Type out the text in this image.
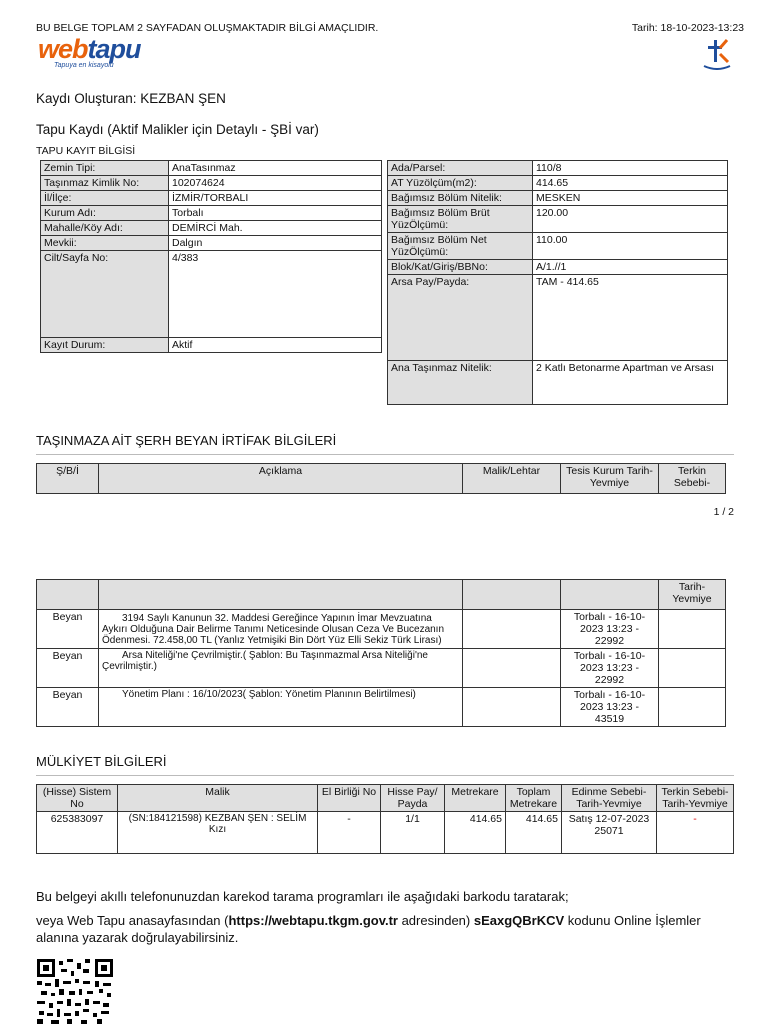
BU BELGE TOPLAM 2 SAYFADAN OLUŞMAKTADIR BİLGİ AMAÇLIDIR.	Tarih: 18-10-2023-13:23
webtapu
Tapuya en kisayolu
Kaydı Oluşturan: KEZBAN ŞEN
Tapu Kaydı (Aktif Malikler için Detaylı - ŞBİ var)
TAPU KAYIT BİLGİSİ
Zemin Tipi:	AnaTasınmaz
Taşınmaz Kimlik No:	102074624
İl/İlçe:	İZMİR/TORBALI
Kurum Adı:	Torbalı
Mahalle/Köy Adı:	DEMİRCİ Mah.
Mevkii:	Dalgın
Cilt/Sayfa No:	4/383
Kayıt Durum:	Aktif
Ada/Parsel:	110/8
AT Yüzölçüm(m2):	414.65
Bağımsız Bölüm Nitelik:	MESKEN
Bağımsız Bölüm Brüt YüzÖlçümü:	120.00
Bağımsız Bölüm Net YüzÖlçümü:	110.00
Blok/Kat/Giriş/BBNo:	A/1.//1
Arsa Pay/Payda:	TAM - 414.65
Ana Taşınmaz Nitelik:	2 Katlı Betonarme Apartman ve Arsası
TAŞINMAZA AİT ŞERH BEYAN İRTİFAK BİLGİLERİ
Ş/B/İ	Açıklama	Malik/Lehtar	Tesis Kurum Tarih-Yevmiye	Terkin Sebebi-
1 / 2
				Tarih-Yevmiye
Beyan	3194 Saylı Kanunun 32. Maddesi Gereğince Yapının İmar Mevzuatına Aykırı Olduğuna Dair Belirme Tanımı Neticesinde Olusan Ceza Ve Bucezanın Ödenmesi. 72.458,00 TL (Yanlız Yetmişiki Bin Dört Yüz Elli Sekiz Türk Lirası)		Torbalı - 16-10-2023 13:23 - 22992	
Beyan	Arsa Niteliği'ne Çevrilmiştir.( Şablon: Bu Taşınmazmal Arsa Niteliği'ne Çevrilmiştir.)		Torbalı - 16-10-2023 13:23 - 22992	
Beyan	Yönetim Planı : 16/10/2023( Şablon: Yönetim Planının Belirtilmesi)		Torbalı - 16-10-2023 13:23 - 43519	
MÜLKİYET BİLGİLERİ
(Hisse) Sistem No	Malik	El Birliği No	Hisse Pay/ Payda	Metrekare	Toplam Metrekare	Edinme Sebebi-Tarih-Yevmiye	Terkin Sebebi-Tarih-Yevmiye
625383097	(SN:184121598) KEZBAN ŞEN : SELİM Kızı	-	1/1	414.65	414.65	Satış 12-07-2023 25071	-
Bu belgeyi akıllı telefonunuzdan karekod tarama programları ile aşağıdaki barkodu taratarak;
veya Web Tapu anasayfasından (https://webtapu.tkgm.gov.tr adresinden) sEaxgQBrKCV kodunu Online İşlemler alanına yazarak doğrulayabilirsiniz.
